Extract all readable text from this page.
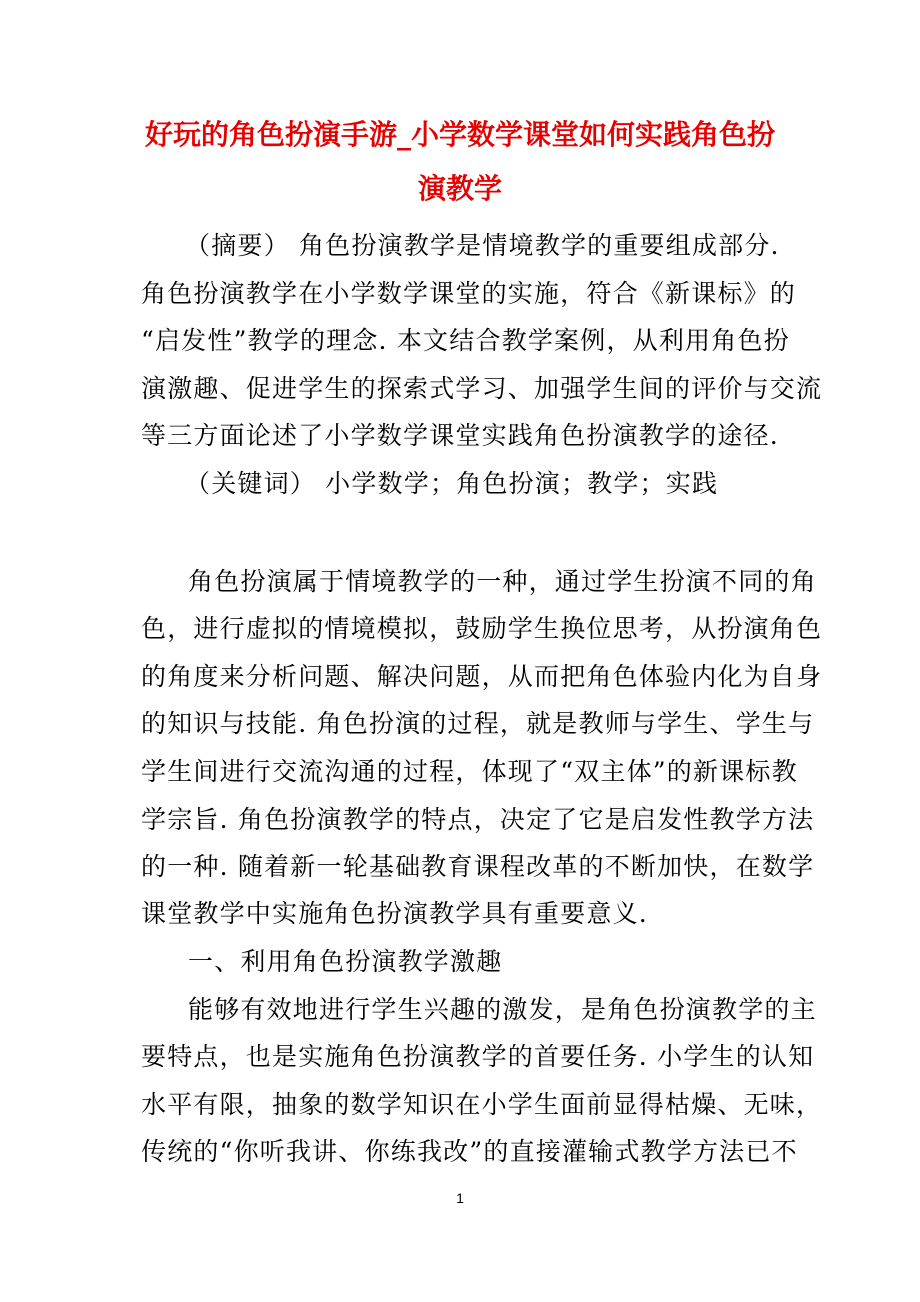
好玩的角色扮演手游_小学数学课堂如何实践角色扮
演教学

（摘要） 角色扮演教学是情境教学的重要组成部分.

角色扮演教学在小学数学课堂的实施，符合《新课标》的

“启发性”教学的理念. 本文结合教学案例，从利用角色扮

演激趣、促进学生的探索式学习、加强学生间的评价与交流

等三方面论述了小学数学课堂实践角色扮演教学的途径.

（关键词） 小学数学；角色扮演；教学；实践

角色扮演属于情境教学的一种，通过学生扮演不同的角

色，进行虚拟的情境模拟，鼓励学生换位思考，从扮演角色

的角度来分析问题、解决问题，从而把角色体验内化为自身

的知识与技能. 角色扮演的过程，就是教师与学生、学生与

学生间进行交流沟通的过程，体现了“双主体”的新课标教

学宗旨. 角色扮演教学的特点，决定了它是启发性教学方法

的一种. 随着新一轮基础教育课程改革的不断加快，在数学

课堂教学中实施角色扮演教学具有重要意义.

一、利用角色扮演教学激趣

能够有效地进行学生兴趣的激发，是角色扮演教学的主

要特点，也是实施角色扮演教学的首要任务. 小学生的认知

水平有限，抽象的数学知识在小学生面前显得枯燥、无味，

传统的“你听我讲、你练我改”的直接灌输式教学方法已不

1
